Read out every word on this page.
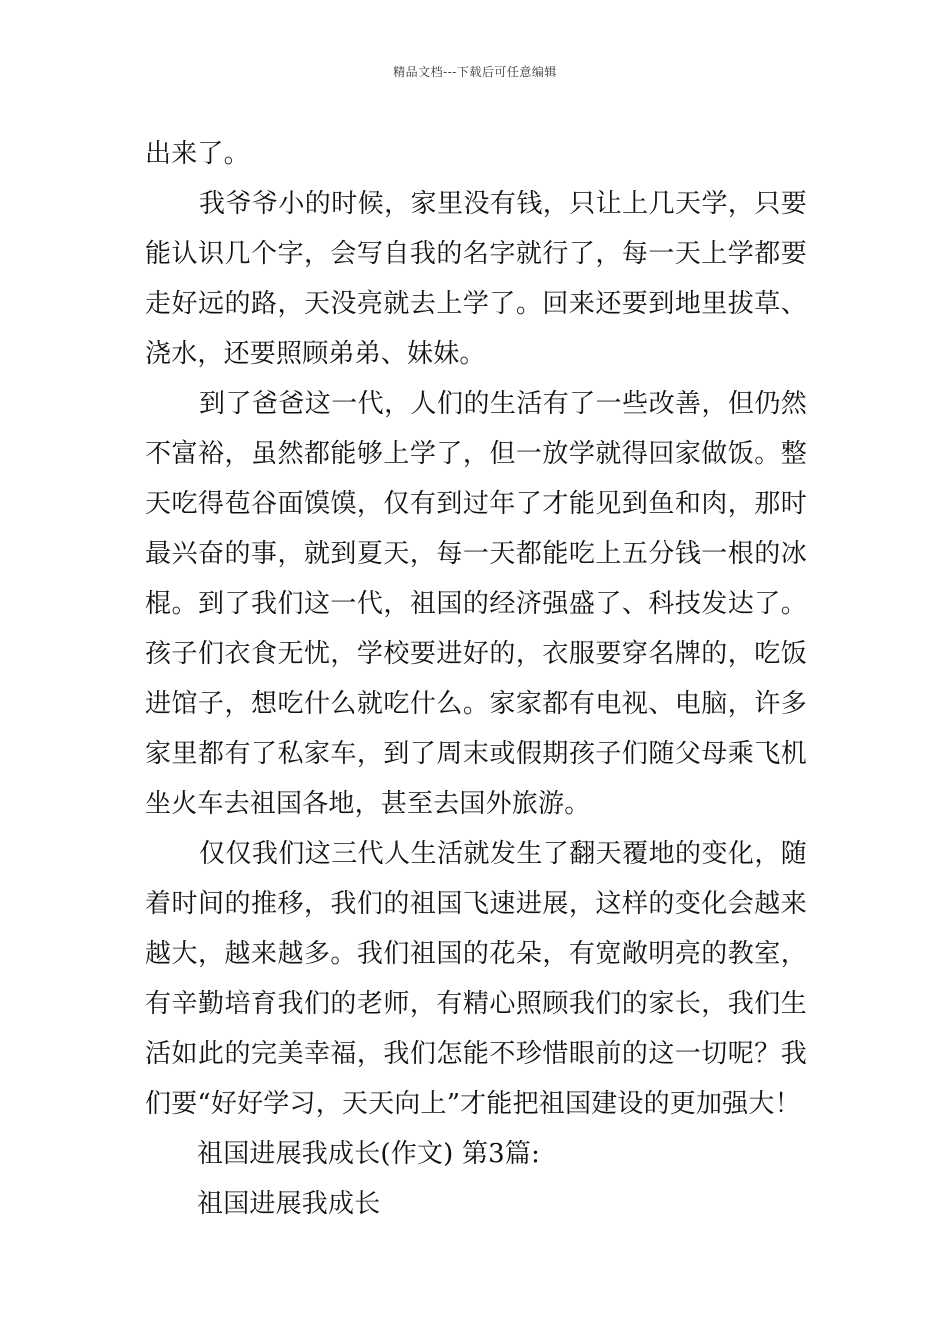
精品文档---下载后可任意编辑

出来了。

我爷爷小的时候，家里没有钱，只让上几天学，只要能认识几个字，会写自我的名字就行了，每一天上学都要走好远的路，天没亮就去上学了。回来还要到地里拔草、浇水，还要照顾弟弟、妹妹。

到了爸爸这一代，人们的生活有了一些改善，但仍然不富裕，虽然都能够上学了，但一放学就得回家做饭。整天吃得苞谷面馍馍，仅有到过年了才能见到鱼和肉，那时最兴奋的事，就到夏天，每一天都能吃上五分钱一根的冰棍。到了我们这一代，祖国的经济强盛了、科技发达了。孩子们衣食无忧，学校要进好的，衣服要穿名牌的，吃饭进馆子，想吃什么就吃什么。家家都有电视、电脑，许多家里都有了私家车，到了周末或假期孩子们随父母乘飞机坐火车去祖国各地，甚至去国外旅游。

仅仅我们这三代人生活就发生了翻天覆地的变化，随着时间的推移，我们的祖国飞速进展，这样的变化会越来越大，越来越多。我们祖国的花朵，有宽敞明亮的教室，有辛勤培育我们的老师，有精心照顾我们的家长，我们生活如此的完美幸福，我们怎能不珍惜眼前的这一切呢？我们要“好好学习，天天向上”才能把祖国建设的更加强大！

祖国进展我成长(作文) 第3篇:

祖国进展我成长
